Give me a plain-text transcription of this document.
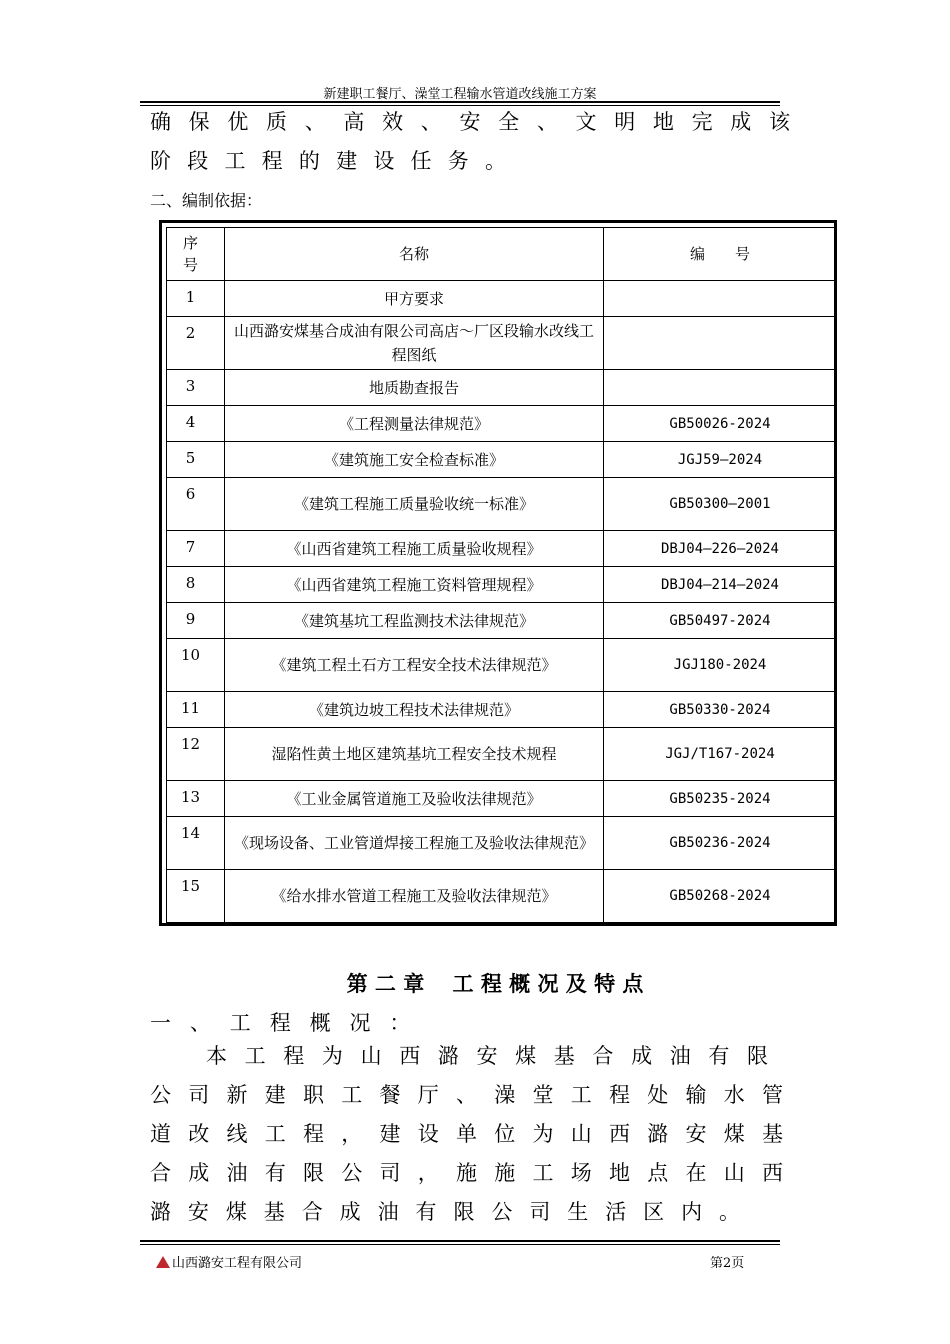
新建职工餐厅、澡堂工程输水管道改线施工方案
确保优质、高效、安全、文明地完成该
阶段工程的建设任务。
二、编制依据：
序号	名称	编　　号
1	甲方要求	
2	山西潞安煤基合成油有限公司高店～厂区段输水改线工程图纸	
3	地质勘查报告	
4	《工程测量法律规范》	GB50026-2024
5	《建筑施工安全检查标准》	JGJ59—2024
6	《建筑工程施工质量验收统一标准》	GB50300—2001
7	《山西省建筑工程施工质量验收规程》	DBJ04—226—2024
8	《山西省建筑工程施工资料管理规程》	DBJ04—214—2024
9	《建筑基坑工程监测技术法律规范》	GB50497-2024
10	《建筑工程土石方工程安全技术法律规范》	JGJ180-2024
11	《建筑边坡工程技术法律规范》	GB50330-2024
12	湿陷性黄土地区建筑基坑工程安全技术规程	JGJ/T167-2024
13	《工业金属管道施工及验收法律规范》	GB50235-2024
14	《现场设备、工业管道焊接工程施工及验收法律规范》	GB50236-2024
15	《给水排水管道工程施工及验收法律规范》	GB50268-2024
第 二 章　 工 程 概 况 及 特 点
一、工程概况：
本工程为山西潞安煤基合成油有限
公司新建职工餐厅、澡堂工程处输水管
道改线工程，建设单位为山西潞安煤基
合成油有限公司，施施工场地点在山西
潞安煤基合成油有限公司生活区内。
山西潞安工程有限公司	第2页
